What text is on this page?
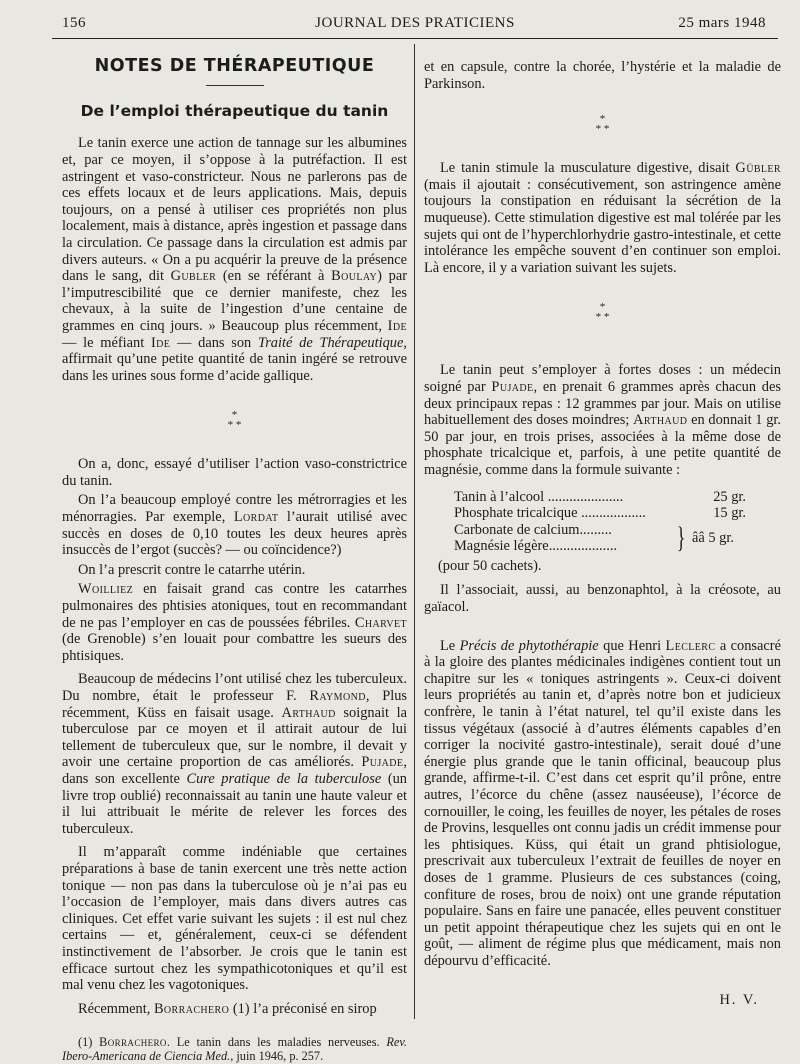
156	JOURNAL DES PRATICIENS	25 mars 1948
NOTES DE THÉRAPEUTIQUE
De l’emploi thérapeutique du tanin

Le tanin exerce une action de tannage sur les albumines et, par ce moyen, il s’oppose à la putréfaction. Il est astringent et vaso-constricteur. Nous ne parlerons pas de ces effets locaux et de leurs applications. Mais, depuis toujours, on a pensé à utiliser ces propriétés non plus localement, mais à distance, après ingestion et passage dans la circulation. Ce passage dans la circulation est admis par divers auteurs. « On a pu acquérir la preuve de la présence dans le sang, dit Gubler (en se référant à Boulay) par l’imputrescibilité que ce dernier manifeste, chez les chevaux, à la suite de l’ingestion d’une centaine de grammes en cinq jours. » Beaucoup plus récemment, Ide — le méfiant Ide — dans son Traité de Thérapeutique, affirmait qu’une petite quantité de tanin ingéré se retrouve dans les urines sous forme d’acide gallique.

*
* *

On a, donc, essayé d’utiliser l’action vaso-constrictrice du tanin.

On l’a beaucoup employé contre les métrorragies et les ménorragies. Par exemple, Lordat l’aurait utilisé avec succès en doses de 0,10 toutes les deux heures après insuccès de l’ergot (succès? — ou coïncidence?)

On l’a prescrit contre le catarrhe utérin.

Woilliez en faisait grand cas contre les catarrhes pulmonaires des phtisies atoniques, tout en recommandant de ne pas l’employer en cas de poussées fébriles. Charvet (de Grenoble) s’en louait pour combattre les sueurs des phtisiques.

Beaucoup de médecins l’ont utilisé chez les tuberculeux. Du nombre, était le professeur F. Raymond, Plus récemment, Küss en faisait usage. Arthaud soignait la tuberculose par ce moyen et il attirait autour de lui tellement de tuberculeux que, sur le nombre, il devait y avoir une certaine proportion de cas améliorés. Pujade, dans son excellente Cure pratique de la tuberculose (un livre trop oublié) reconnaissait au tanin une haute valeur et il lui attribuait le mérite de relever les forces des tuberculeux.

Il m’apparaît comme indéniable que certaines préparations à base de tanin exercent une très nette action tonique — non pas dans la tuberculose où je n’ai pas eu l’occasion de l’employer, mais dans divers autres cas cliniques. Cet effet varie suivant les sujets : il est nul chez certains — et, généralement, ceux-ci se défendent instinctivement de l’absorber. Je crois que le tanin est efficace surtout chez les sympathicotoniques et qu’il est mal venu chez les vagotoniques.

Récemment, Borrachero (1) l’a préconisé en sirop

(1) Borrachero. Le tanin dans les maladies nerveuses. Rev. Ibero-Americana de Ciencia Med., juin 1946, p. 257.

et en capsule, contre la chorée, l’hystérie et la maladie de Parkinson.

*
* *

Le tanin stimule la musculature digestive, disait Gübler (mais il ajoutait : consécutivement, son astringence amène toujours la constipation en réduisant la sécrétion de la muqueuse). Cette stimulation digestive est mal tolérée par les sujets qui ont de l’hyperchlorhydrie gastro-intestinale, et cette intolérance les empêche souvent d’en continuer son emploi. Là encore, il y a variation suivant les sujets.

*
* *

Le tanin peut s’employer à fortes doses : un médecin soigné par Pujade, en prenait 6 grammes après chacun des deux principaux repas : 12 grammes par jour. Mais on utilise habituellement des doses moindres; Arthaud en donnait 1 gr. 50 par jour, en trois prises, associées à la même dose de phosphate tricalcique et, parfois, à une petite quantité de magnésie, comme dans la formule suivante :

Tanin à l’alcool .....................	25 gr.
Phosphate tricalcique ..................	15 gr.
Carbonate de calcium.........
Magnésie légère...................	} ââ 5 gr.
(pour 50 cachets).

Il l’associait, aussi, au benzonaphtol, à la créosote, au gaïacol.

Le Précis de phytothérapie que Henri Leclerc a consacré à la gloire des plantes médicinales indigènes contient tout un chapitre sur les « toniques astringents ». Ceux-ci doivent leurs propriétés au tanin et, d’après notre bon et judicieux confrère, le tanin à l’état naturel, tel qu’il existe dans les tissus végétaux (associé à d’autres éléments capables d’en corriger la nocivité gastro-intestinale), serait doué d’une énergie plus grande que le tanin officinal, beaucoup plus grande, affirme-t-il. C’est dans cet esprit qu’il prône, entre autres, l’écorce du chêne (assez nauséeuse), l’écorce de cornouiller, le coing, les feuilles de noyer, les pétales de roses de Provins, lesquelles ont connu jadis un crédit immense pour les phtisiques. Küss, qui était un grand phtisiologue, prescrivait aux tuberculeux l’extrait de feuilles de noyer en doses de 1 gramme. Plusieurs de ces substances (coing, confiture de roses, brou de noix) ont une grande réputation populaire. Sans en faire une panacée, elles peuvent constituer un petit appoint thérapeutique chez les sujets qui en ont le goût, — aliment de régime plus que médicament, mais non dépourvu d’efficacité.

H. V.
